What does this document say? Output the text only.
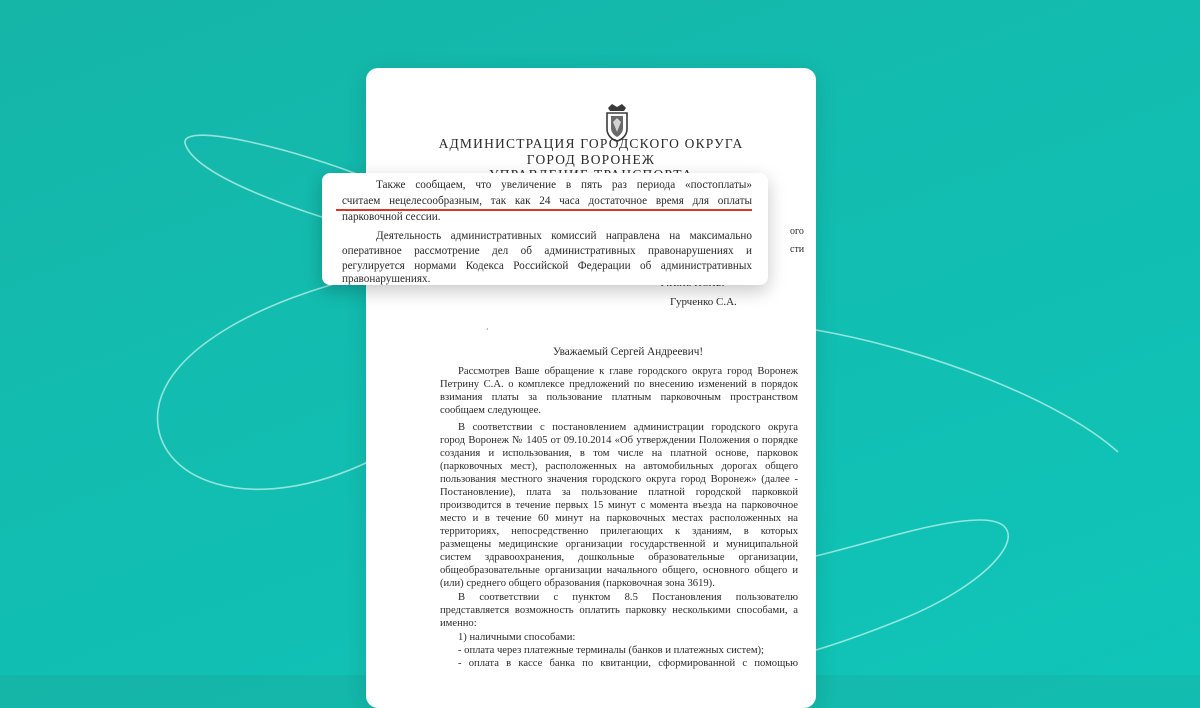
АДМИНИСТРАЦИЯ ГОРОДСКОГО ОКРУГА
ГОРОД ВОРОНЕЖ
ого
сти
Гурченко С.А.
·
Уважаемый Сергей Андреевич!
Рассмотрев Ваше обращение к главе городского округа город Воронеж
Петрину С.А. о комплексе предложений по внесению изменений в порядок
взимания платы за пользование платным парковочным пространством
сообщаем следующее.
В соответствии с постановлением администрации городского округа
город Воронеж № 1405 от 09.10.2014 «Об утверждении Положения о порядке
создания и использования, в том числе на платной основе, парковок
(парковочных мест), расположенных на автомобильных дорогах общего
пользования местного значения городского округа город Воронеж» (далее -
Постановление), плата за пользование платной городской парковкой
производится в течение первых 15 минут с момента въезда на парковочное
место и в течение 60 минут на парковочных местах расположенных на
территориях, непосредственно прилегающих к зданиям, в которых
размещены медицинские организации государственной и муниципальной
систем здравоохранения, дошкольные образовательные организации,
общеобразовательные организации начального общего, основного общего и
(или) среднего общего образования (парковочная зона 3619).
В соответствии с пунктом 8.5 Постановления пользователю
представляется возможность оплатить парковку несколькими способами, а
именно:
1) наличными способами:
- оплата через платежные терминалы (банков и платежных систем);
- оплата в кассе банка по квитанции, сформированной с помощью
Также сообщаем, что увеличение в пять раз периода «постоплаты»
считаем нецелесообразным, так как 24 часа достаточное время для оплаты
парковочной сессии.
Деятельность административных комиссий направлена на максимально
оперативное рассмотрение дел об административных правонарушениях и
регулируется нормами Кодекса Российской Федерации об административных
правонарушениях.
